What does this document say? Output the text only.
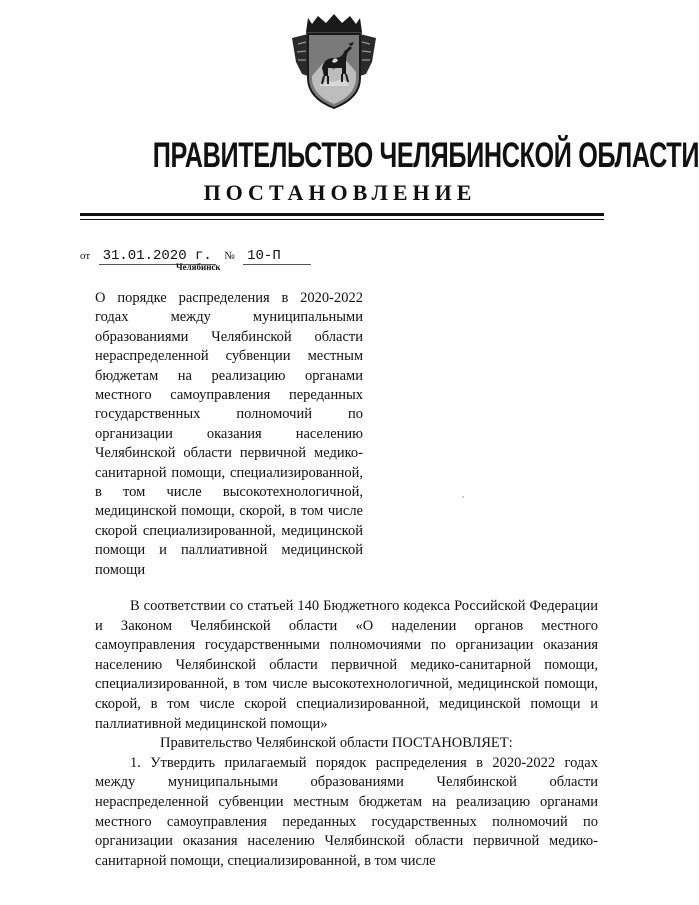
ПРАВИТЕЛЬСТВО ЧЕЛЯБИНСКОЙ ОБЛАСТИ
ПОСТАНОВЛЕНИЕ
от 31.01.2020 г. № 10-П
Челябинск
О порядке распределения в 2020-2022 годах между муниципальными образованиями Челябинской области нераспределенной субвенции местным бюджетам на реализацию органами местного самоуправления переданных государственных полномочий по организации оказания населению Челябинской области первичной медико-санитарной помощи, специализированной, в том числе высокотехнологичной, медицинской помощи, скорой, в том числе скорой специализированной, медицинской помощи и паллиативной медицинской помощи

В соответствии со статьей 140 Бюджетного кодекса Российской Федерации и Законом Челябинской области «О наделении органов местного самоуправления государственными полномочиями по организации оказания населению Челябинской области первичной медико-санитарной помощи, специализированной, в том числе высокотехнологичной, медицинской помощи, скорой, в том числе скорой специализированной, медицинской помощи и паллиативной медицинской помощи»

Правительство Челябинской области ПОСТАНОВЛЯЕТ:

1. Утвердить прилагаемый порядок распределения в 2020-2022 годах между муниципальными образованиями Челябинской области нераспределенной субвенции местным бюджетам на реализацию органами местного самоуправления переданных государственных полномочий по организации оказания населению Челябинской области первичной медико-санитарной помощи, специализированной, в том числе
